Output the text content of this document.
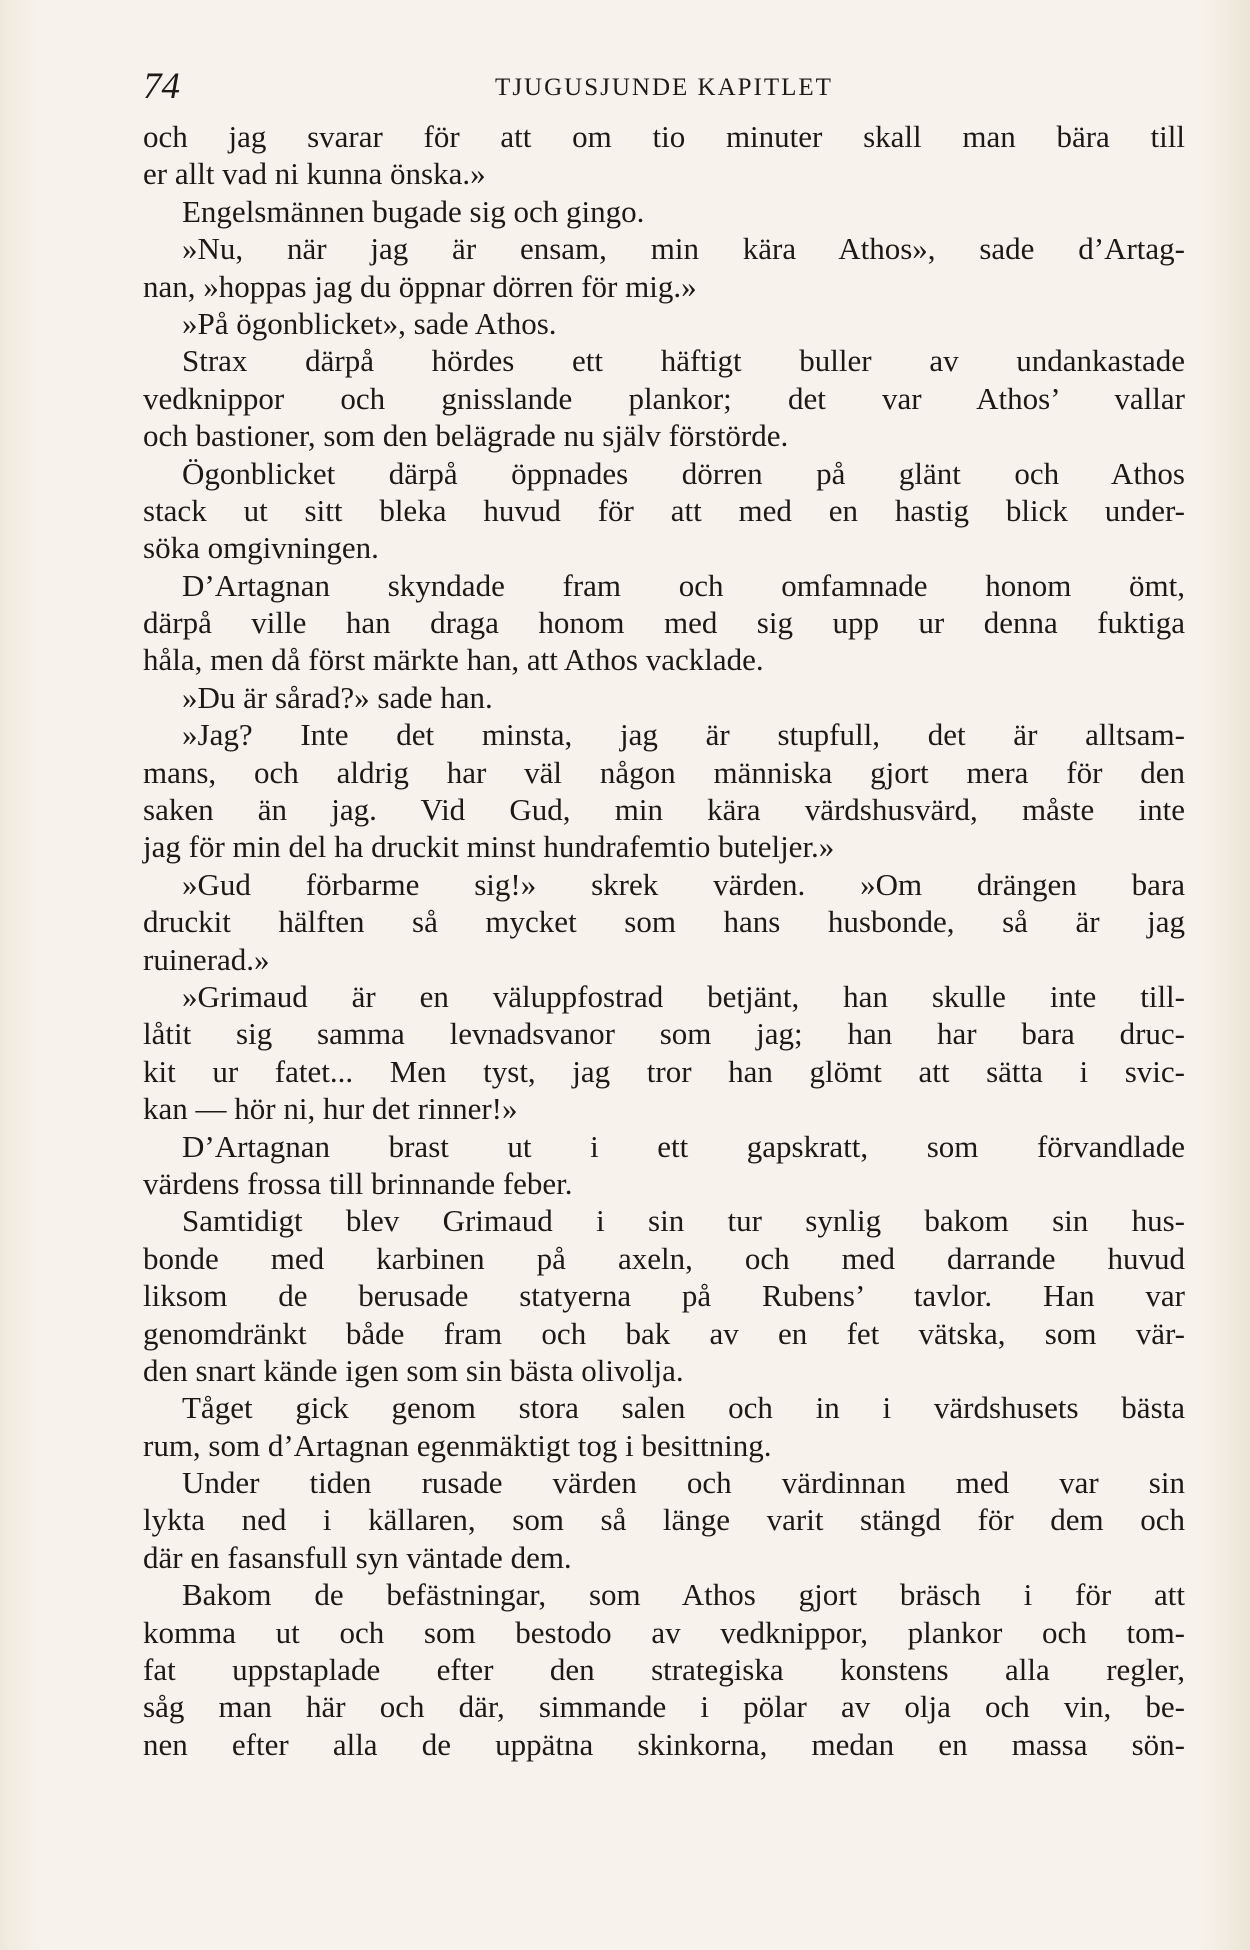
74	TJUGUSJUNDE KAPITLET
och jag svarar för att om tio minuter skall man bära till
er allt vad ni kunna önska.»
Engelsmännen bugade sig och gingo.
»Nu, när jag är ensam, min kära Athos», sade d’Artag-
nan, »hoppas jag du öppnar dörren för mig.»
»På ögonblicket», sade Athos.
Strax därpå hördes ett häftigt buller av undankastade
vedknippor och gnisslande plankor; det var Athos’ vallar
och bastioner, som den belägrade nu själv förstörde.
Ögonblicket därpå öppnades dörren på glänt och Athos
stack ut sitt bleka huvud för att med en hastig blick under-
söka omgivningen.
D’Artagnan skyndade fram och omfamnade honom ömt,
därpå ville han draga honom med sig upp ur denna fuktiga
håla, men då först märkte han, att Athos vacklade.
»Du är sårad?» sade han.
»Jag? Inte det minsta, jag är stupfull, det är alltsam-
mans, och aldrig har väl någon människa gjort mera för den
saken än jag. Vid Gud, min kära värdshusvärd, måste inte
jag för min del ha druckit minst hundrafemtio buteljer.»
»Gud förbarme sig!» skrek värden. »Om drängen bara
druckit hälften så mycket som hans husbonde, så är jag
ruinerad.»
»Grimaud är en väluppfostrad betjänt, han skulle inte till-
låtit sig samma levnadsvanor som jag; han har bara druc-
kit ur fatet... Men tyst, jag tror han glömt att sätta i svic-
kan — hör ni, hur det rinner!»
D’Artagnan brast ut i ett gapskratt, som förvandlade
värdens frossa till brinnande feber.
Samtidigt blev Grimaud i sin tur synlig bakom sin hus-
bonde med karbinen på axeln, och med darrande huvud
liksom de berusade statyerna på Rubens’ tavlor. Han var
genomdränkt både fram och bak av en fet vätska, som vär-
den snart kände igen som sin bästa olivolja.
Tåget gick genom stora salen och in i värdshusets bästa
rum, som d’Artagnan egenmäktigt tog i besittning.
Under tiden rusade värden och värdinnan med var sin
lykta ned i källaren, som så länge varit stängd för dem och
där en fasansfull syn väntade dem.
Bakom de befästningar, som Athos gjort bräsch i för att
komma ut och som bestodo av vedknippor, plankor och tom-
fat uppstaplade efter den strategiska konstens alla regler,
såg man här och där, simmande i pölar av olja och vin, be-
nen efter alla de uppätna skinkorna, medan en massa sön-
